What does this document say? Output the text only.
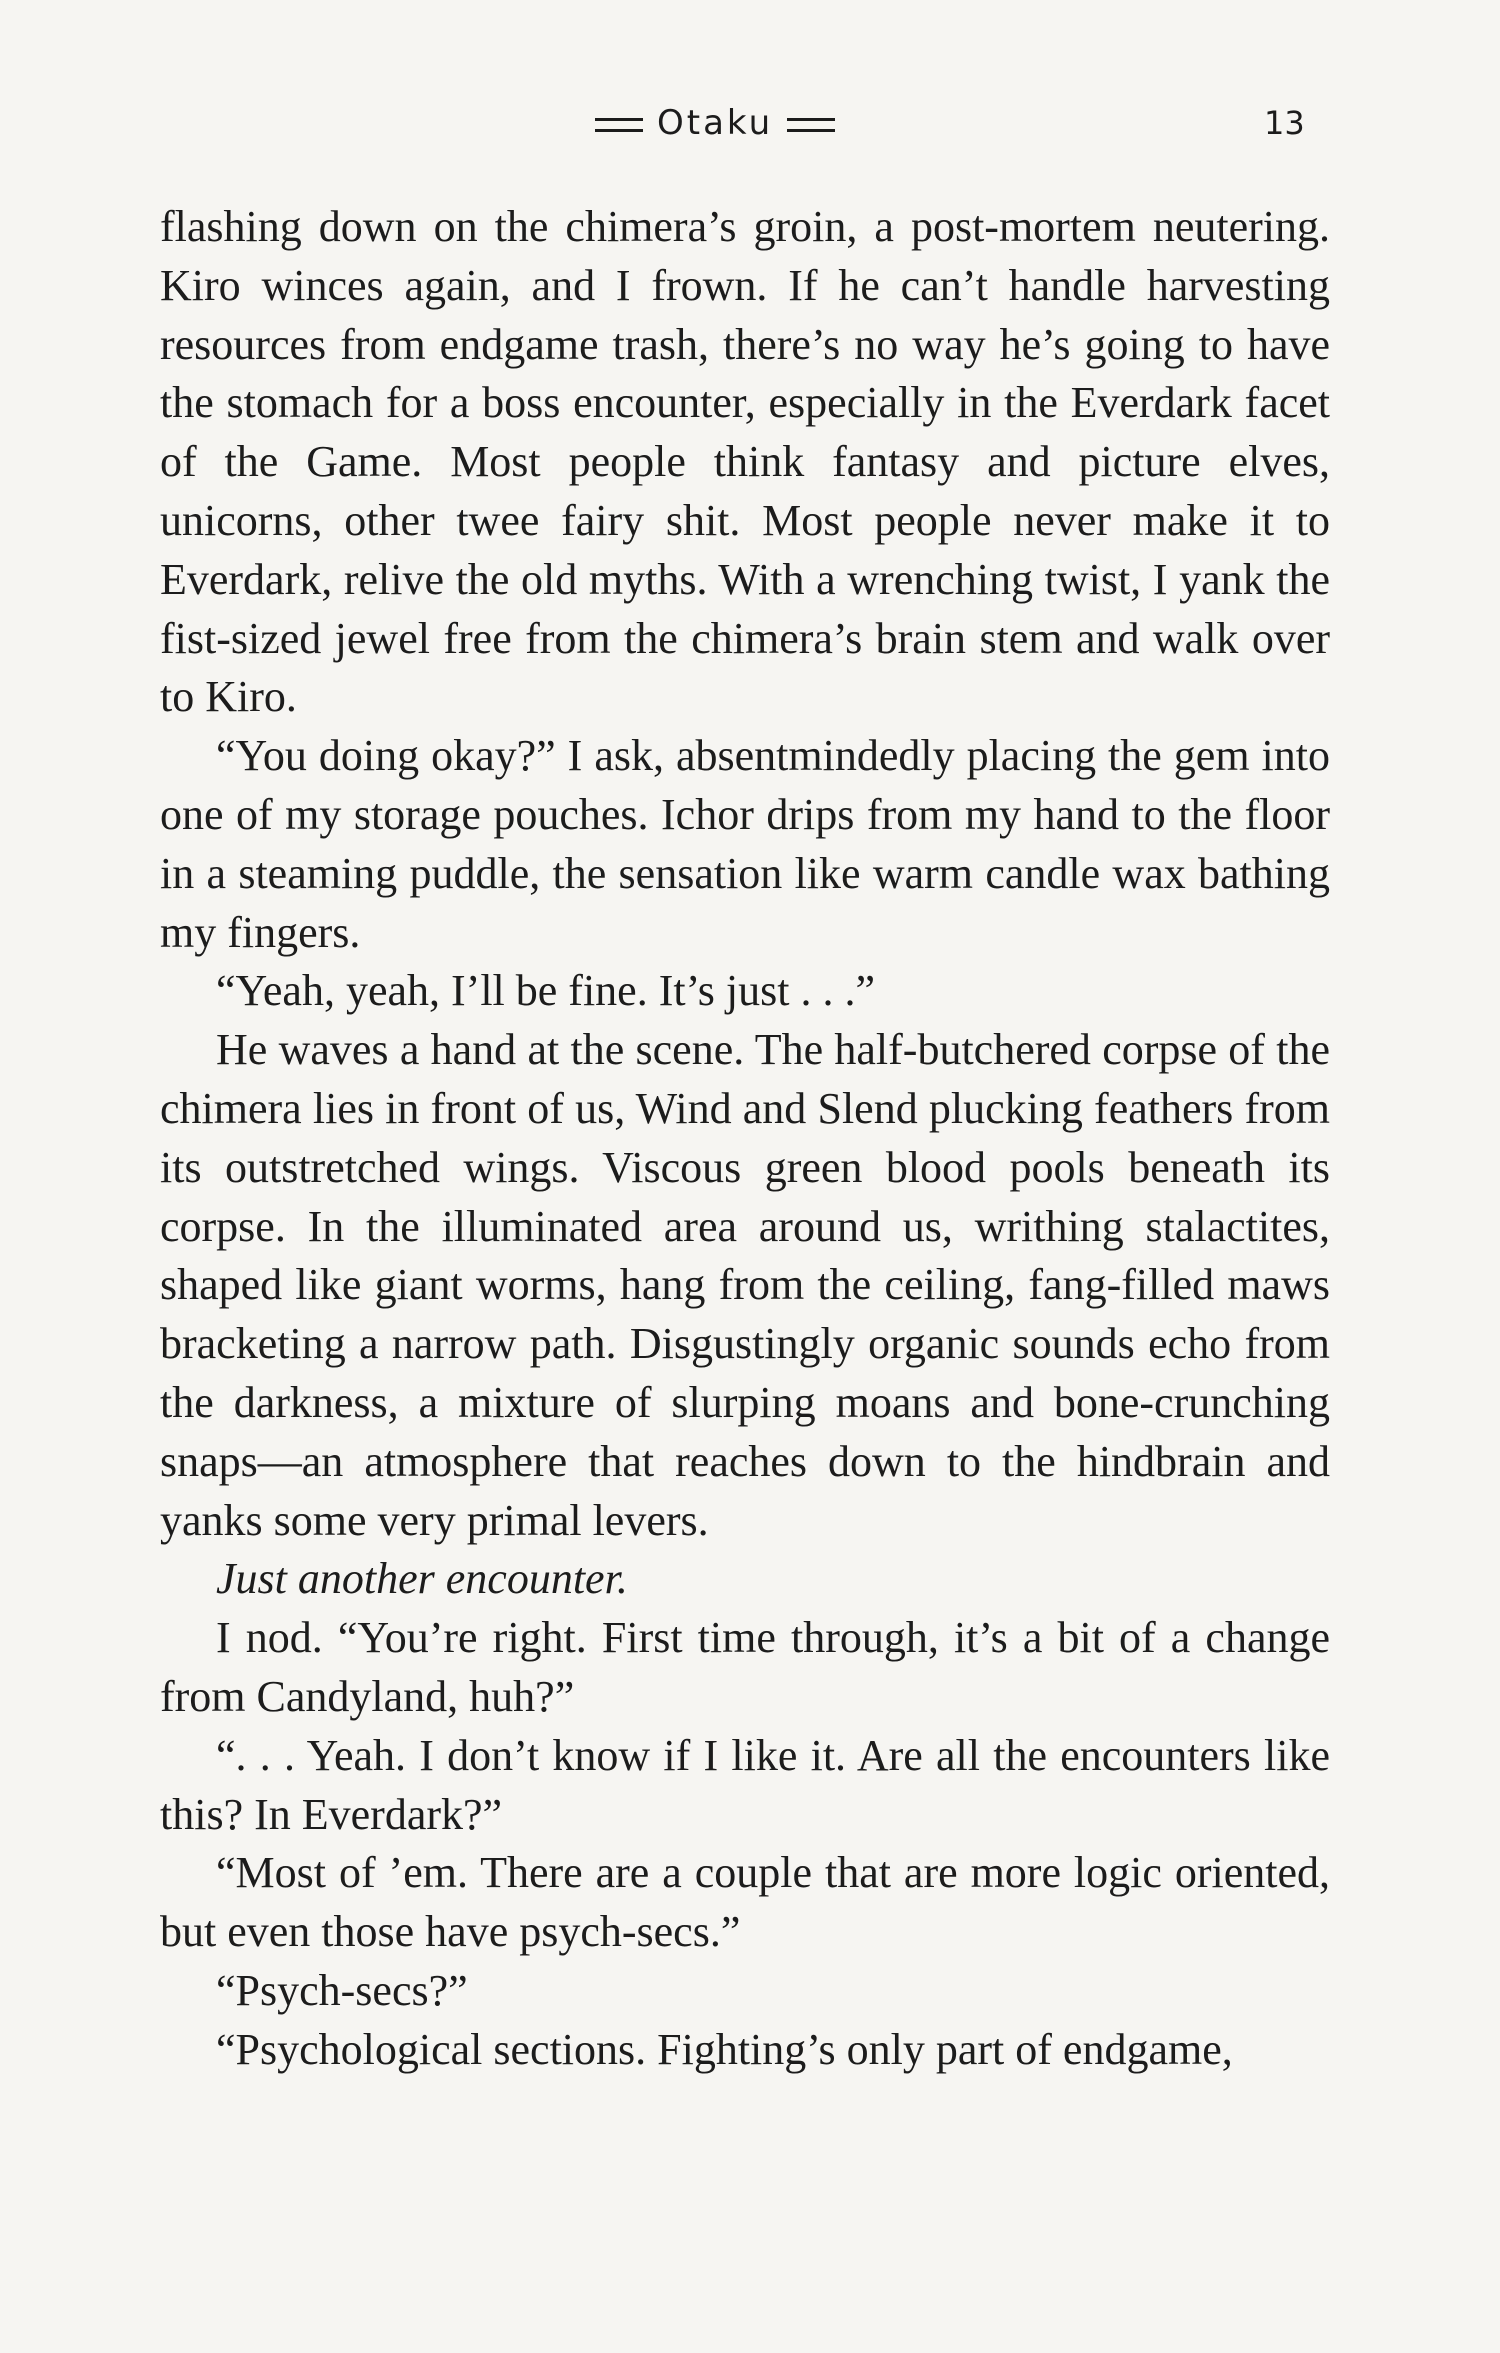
Otaku	13

flashing down on the chimera’s groin, a post-mortem neutering. Kiro winces again, and I frown. If he can’t handle harvesting resources from endgame trash, there’s no way he’s going to have the stomach for a boss encounter, especially in the Everdark facet of the Game. Most people think fantasy and picture elves, unicorns, other twee fairy shit. Most people never make it to Everdark, relive the old myths. With a wrenching twist, I yank the fist-sized jewel free from the chimera’s brain stem and walk over to Kiro.

“You doing okay?” I ask, absentmindedly placing the gem into one of my storage pouches. Ichor drips from my hand to the floor in a steaming puddle, the sensation like warm candle wax bathing my fingers.

“Yeah, yeah, I’ll be fine. It’s just . . .”

He waves a hand at the scene. The half-butchered corpse of the chimera lies in front of us, Wind and Slend plucking feathers from its outstretched wings. Viscous green blood pools beneath its corpse. In the illuminated area around us, writhing stalactites, shaped like giant worms, hang from the ceiling, fang-filled maws bracketing a narrow path. Disgustingly organic sounds echo from the darkness, a mixture of slurping moans and bone-crunching snaps—an atmosphere that reaches down to the hindbrain and yanks some very primal levers.

Just another encounter.

I nod. “You’re right. First time through, it’s a bit of a change from Candyland, huh?”

“. . . Yeah. I don’t know if I like it. Are all the encounters like this? In Everdark?”

“Most of ’em. There are a couple that are more logic oriented, but even those have psych-secs.”

“Psych-secs?”

“Psychological sections. Fighting’s only part of endgame,
